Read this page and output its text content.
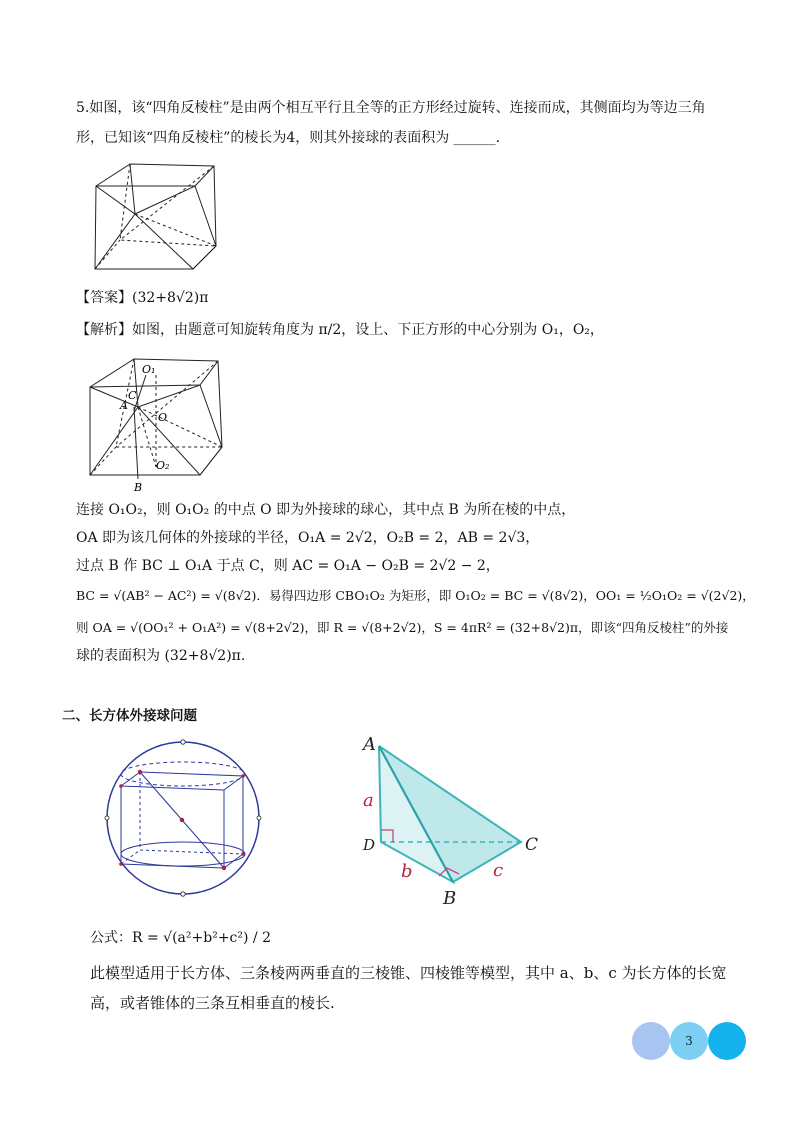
5.如图，该“四角反棱柱”是由两个相互平行且全等的正方形经过旋转、连接而成，其侧面均为等边三角
形，已知该“四角反棱柱”的棱长为4，则其外接球的表面积为 ______.
【答案】(32+8√2)π
【解析】如图，由题意可知旋转角度为 π/2，设上、下正方形的中心分别为 O₁，O₂，
O₁
C
A
O
O₂
B
连接 O₁O₂，则 O₁O₂ 的中点 O 即为外接球的球心，其中点 B 为所在棱的中点，
OA 即为该几何体的外接球的半径，O₁A = 2√2，O₂B = 2，AB = 2√3，
过点 B 作 BC ⊥ O₁A 于点 C，则 AC = O₁A − O₂B = 2√2 − 2，
BC = √(AB² − AC²) = √(8√2)．易得四边形 CBO₁O₂ 为矩形，即 O₁O₂ = BC = √(8√2)，OO₁ = ½O₁O₂ = √(2√2)，
则 OA = √(OO₁² + O₁A²) = √(8+2√2)，即 R = √(8+2√2)，S = 4πR² = (32+8√2)π，即该“四角反棱柱”的外接
球的表面积为 (32+8√2)π.
二、长方体外接球问题
A
a
D	C
b	c
B
公式：R = √(a²+b²+c²) / 2
此模型适用于长方体、三条棱两两垂直的三棱锥、四棱锥等模型，其中 a、b、c 为长方体的长宽
高，或者锥体的三条互相垂直的棱长.
3
